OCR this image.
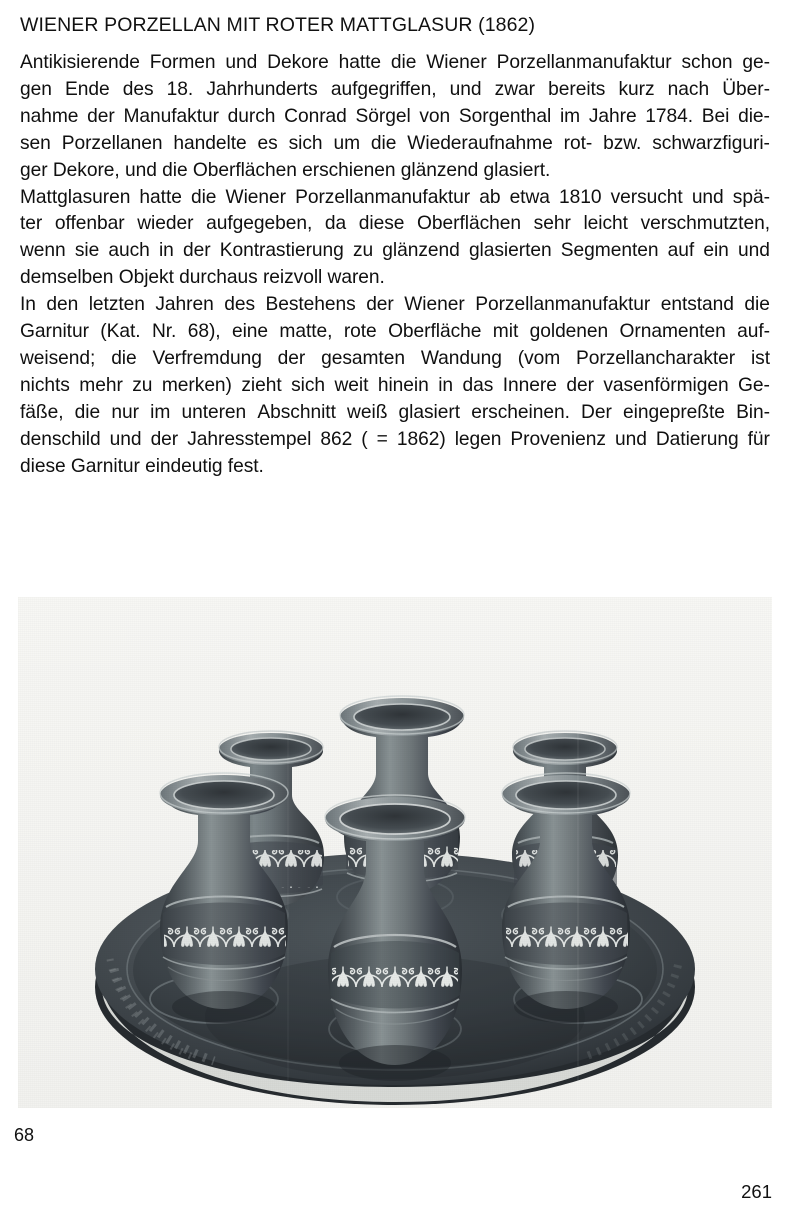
WIENER PORZELLAN MIT ROTER MATTGLASUR (1862)

Antikisierende Formen und Dekore hatte die Wiener Porzellanmanufaktur schon ge-
gen Ende des 18. Jahrhunderts aufgegriffen, und zwar bereits kurz nach Über-
nahme der Manufaktur durch Conrad Sörgel von Sorgenthal im Jahre 1784. Bei die-
sen Porzellanen handelte es sich um die Wiederaufnahme rot- bzw. schwarzfiguri-
ger Dekore, und die Oberflächen erschienen glänzend glasiert.

Mattglasuren hatte die Wiener Porzellanmanufaktur ab etwa 1810 versucht und spä-
ter offenbar wieder aufgegeben, da diese Oberflächen sehr leicht verschmutzten,
wenn sie auch in der Kontrastierung zu glänzend glasierten Segmenten auf ein und
demselben Objekt durchaus reizvoll waren.

In den letzten Jahren des Bestehens der Wiener Porzellanmanufaktur entstand die
Garnitur (Kat. Nr. 68), eine matte, rote Oberfläche mit goldenen Ornamenten auf-
weisend; die Verfremdung der gesamten Wandung (vom Porzellancharakter ist
nichts mehr zu merken) zieht sich weit hinein in das Innere der vasenförmigen Ge-
fäße, die nur im unteren Abschnitt weiß glasiert erscheinen. Der eingepreßte Bin-
denschild und der Jahresstempel 862 ( = 1862) legen Provenienz und Datierung für
diese Garnitur eindeutig fest.

68
261
